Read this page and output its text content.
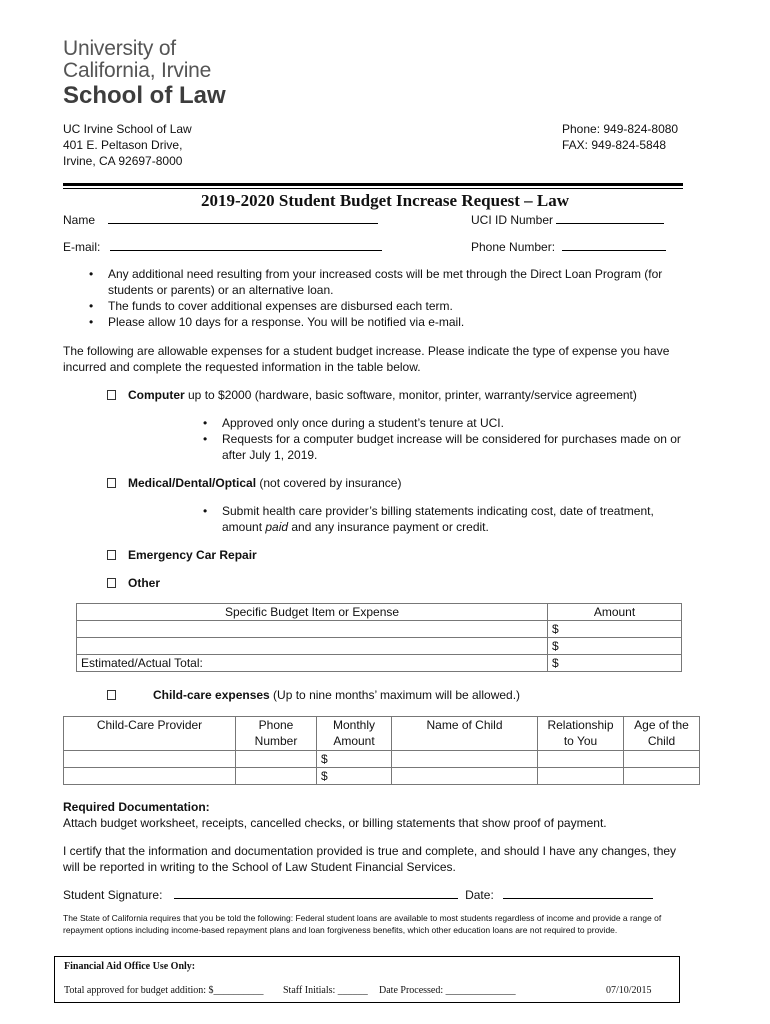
University of
California, Irvine
School of Law
UC Irvine School of Law
401 E. Peltason Drive,
Irvine, CA 92697-8000
Phone: 949-824-8080
FAX: 949-824-5848
2019-2020 Student Budget Increase Request – Law
Name	UCI ID Number
E-mail:	Phone Number:
• Any additional need resulting from your increased costs will be met through the Direct Loan Program (for students or parents) or an alternative loan.
• The funds to cover additional expenses are disbursed each term.
• Please allow 10 days for a response. You will be notified via e-mail.
The following are allowable expenses for a student budget increase. Please indicate the type of expense you have incurred and complete the requested information in the table below.
Computer up to $2000 (hardware, basic software, monitor, printer, warranty/service agreement)
• Approved only once during a student’s tenure at UCI.
• Requests for a computer budget increase will be considered for purchases made on or after July 1, 2019.
Medical/Dental/Optical (not covered by insurance)
• Submit health care provider’s billing statements indicating cost, date of treatment, amount paid and any insurance payment or credit.
Emergency Car Repair
Other
Specific Budget Item or Expense	Amount
	$
	$
Estimated/Actual Total:	$
Child-care expenses (Up to nine months’ maximum will be allowed.)
Child-Care Provider	Phone Number	Monthly Amount	Name of Child	Relationship to You	Age of the Child
		$			
		$			
Required Documentation:
Attach budget worksheet, receipts, cancelled checks, or billing statements that show proof of payment.
I certify that the information and documentation provided is true and complete, and should I have any changes, they will be reported in writing to the School of Law Student Financial Services.
Student Signature:	Date:
The State of California requires that you be told the following: Federal student loans are available to most students regardless of income and provide a range of repayment options including income-based repayment plans and loan forgiveness benefits, which other education loans are not required to provide.
Financial Aid Office Use Only:
Total approved for budget addition: $__________ Staff Initials: ______ Date Processed: ______________	07/10/2015
